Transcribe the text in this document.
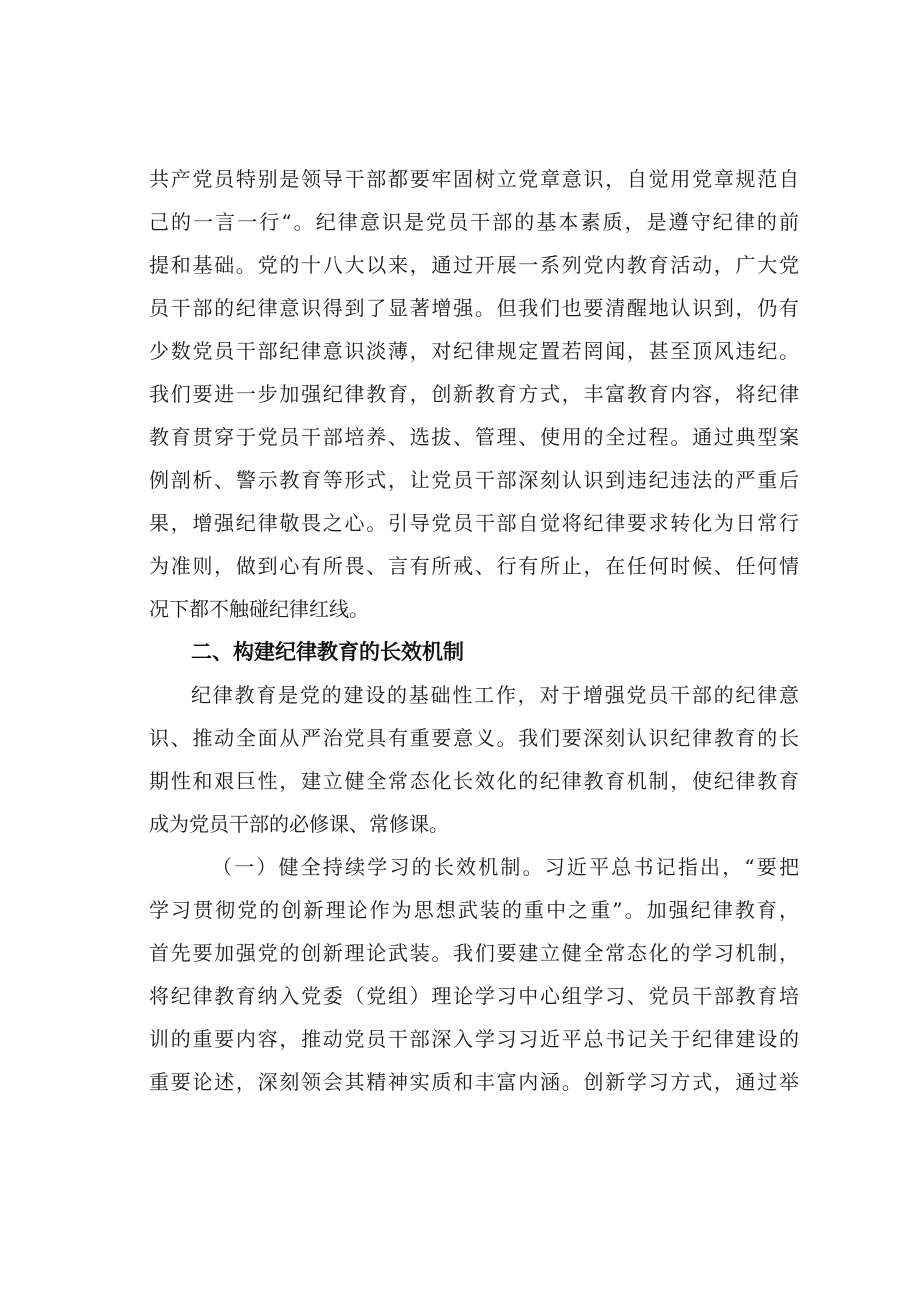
共产党员特别是领导干部都要牢固树立党章意识，自觉用党章规范自
己的一言一行“。纪律意识是党员干部的基本素质，是遵守纪律的前
提和基础。党的十八大以来，通过开展一系列党内教育活动，广大党
员干部的纪律意识得到了显著增强。但我们也要清醒地认识到，仍有
少数党员干部纪律意识淡薄，对纪律规定置若罔闻，甚至顶风违纪。
我们要进一步加强纪律教育，创新教育方式，丰富教育内容，将纪律
教育贯穿于党员干部培养、选拔、管理、使用的全过程。通过典型案
例剖析、警示教育等形式，让党员干部深刻认识到违纪违法的严重后
果，增强纪律敬畏之心。引导党员干部自觉将纪律要求转化为日常行
为准则，做到心有所畏、言有所戒、行有所止，在任何时候、任何情
况下都不触碰纪律红线。
二、构建纪律教育的长效机制
纪律教育是党的建设的基础性工作，对于增强党员干部的纪律意
识、推动全面从严治党具有重要意义。我们要深刻认识纪律教育的长
期性和艰巨性，建立健全常态化长效化的纪律教育机制，使纪律教育
成为党员干部的必修课、常修课。
（一）健全持续学习的长效机制。习近平总书记指出，“要把
学习贯彻党的创新理论作为思想武装的重中之重”。加强纪律教育，
首先要加强党的创新理论武装。我们要建立健全常态化的学习机制，
将纪律教育纳入党委（党组）理论学习中心组学习、党员干部教育培
训的重要内容，推动党员干部深入学习习近平总书记关于纪律建设的
重要论述，深刻领会其精神实质和丰富内涵。创新学习方式，通过举
